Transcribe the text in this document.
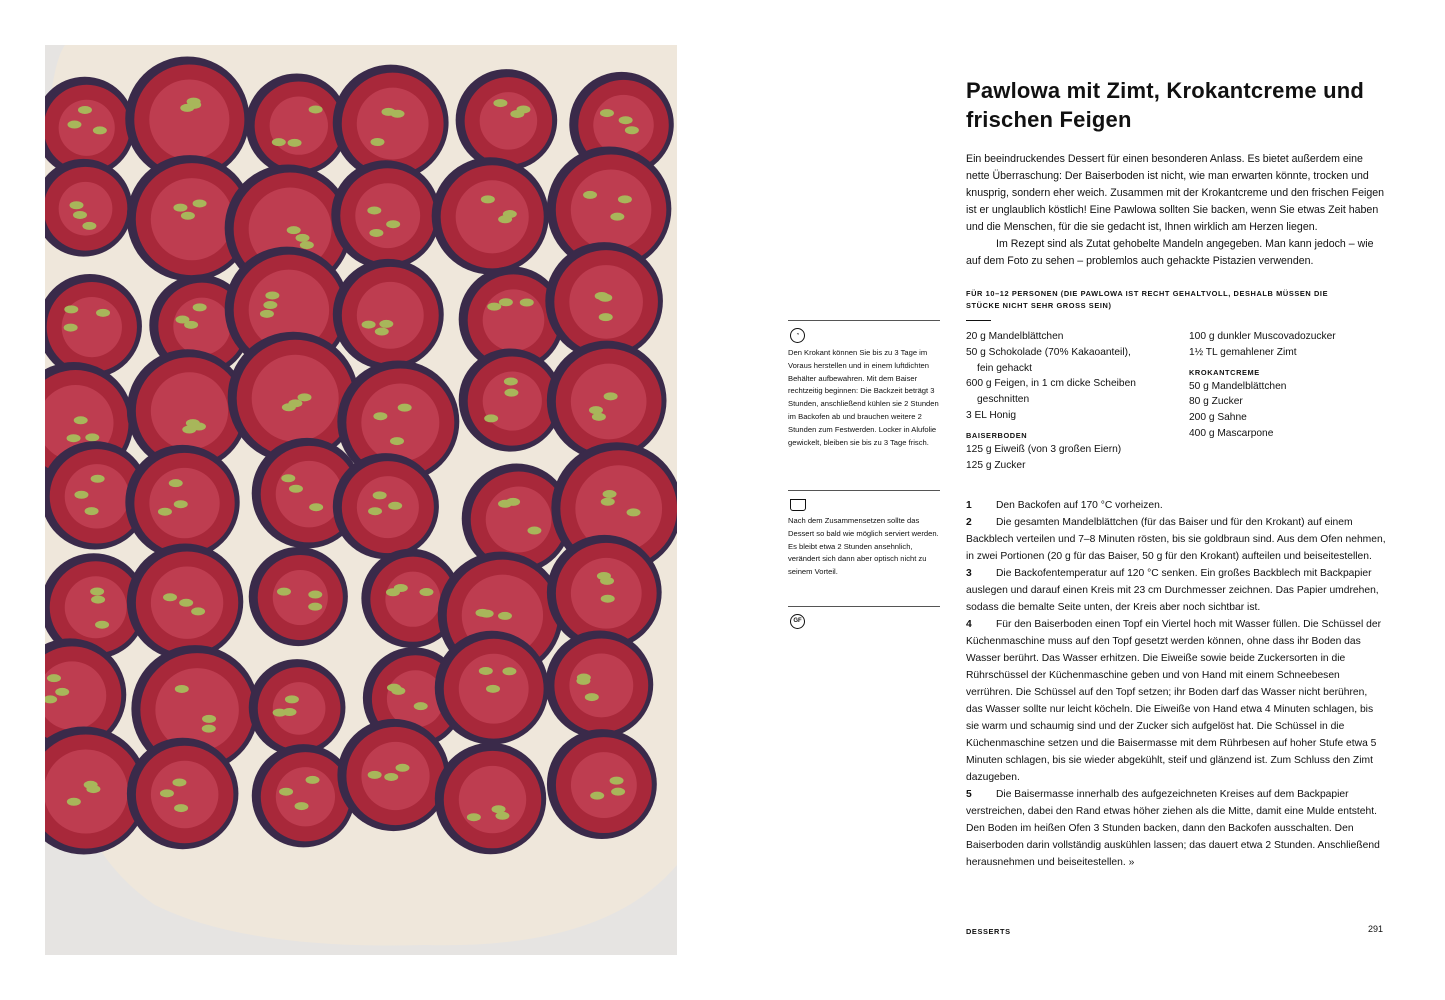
◔
Den Krokant können Sie bis zu 3 Tage im Voraus herstellen und in einem luftdichten Behälter aufbewahren. Mit dem Baiser rechtzeitig beginnen: Die Backzeit beträgt 3 Stunden, anschließend kühlen sie 2 Stunden im Backofen ab und brauchen weitere 2 Stunden zum Festwerden. Locker in Alufolie gewickelt, bleiben sie bis zu 3 Tage frisch.
Nach dem Zusammensetzen sollte das Dessert so bald wie möglich serviert werden. Es bleibt etwa 2 Stunden ansehnlich, verändert sich dann aber optisch nicht zu seinem Vorteil.
GF
Pawlowa mit Zimt, Krokantcreme und frischen Feigen

Ein beeindruckendes Dessert für einen besonderen Anlass. Es bietet außerdem eine nette Überraschung: Der Baiserboden ist nicht, wie man erwarten könnte, trocken und knusprig, sondern eher weich. Zusammen mit der Krokantcreme und den frischen Feigen ist er unglaublich köstlich! Eine Pawlowa sollten Sie backen, wenn Sie etwas Zeit haben und die Menschen, für die sie gedacht ist, Ihnen wirklich am Herzen liegen.

Im Rezept sind als Zutat gehobelte Mandeln angegeben. Man kann jedoch – wie auf dem Foto zu sehen – problemlos auch gehackte Pistazien verwenden.

FÜR 10–12 PERSONEN (DIE PAWLOWA IST RECHT GEHALTVOLL, DESHALB MÜSSEN DIE STÜCKE NICHT SEHR GROSS SEIN)
20 g Mandelblättchen
50 g Schokolade (70% Kakaoanteil),
fein gehackt
600 g Feigen, in 1 cm dicke Scheiben
geschnitten
3 EL Honig
BAISERBODEN
125 g Eiweiß (von 3 großen Eiern)
125 g Zucker
100 g dunkler Muscovadozucker
1½ TL gemahlener Zimt
KROKANTCREME
50 g Mandelblättchen
80 g Zucker
200 g Sahne
400 g Mascarpone

1 Den Backofen auf 170 °C vorheizen.

2 Die gesamten Mandelblättchen (für das Baiser und für den Krokant) auf einem Backblech verteilen und 7–8 Minuten rösten, bis sie goldbraun sind. Aus dem Ofen nehmen, in zwei Portionen (20 g für das Baiser, 50 g für den Krokant) aufteilen und beiseitestellen.

3 Die Backofentemperatur auf 120 °C senken. Ein großes Backblech mit Backpapier auslegen und darauf einen Kreis mit 23 cm Durchmesser zeichnen. Das Papier umdrehen, sodass die bemalte Seite unten, der Kreis aber noch sichtbar ist.

4 Für den Baiserboden einen Topf ein Viertel hoch mit Wasser füllen. Die Schüssel der Küchenmaschine muss auf den Topf gesetzt werden können, ohne dass ihr Boden das Wasser berührt. Das Wasser erhitzen. Die Eiweiße sowie beide Zuckersorten in die Rührschüssel der Küchenmaschine geben und von Hand mit einem Schneebesen verrühren. Die Schüssel auf den Topf setzen; ihr Boden darf das Wasser nicht berühren, das Wasser sollte nur leicht köcheln. Die Eiweiße von Hand etwa 4 Minuten schlagen, bis sie warm und schaumig sind und der Zucker sich aufgelöst hat. Die Schüssel in die Küchenmaschine setzen und die Baisermasse mit dem Rührbesen auf hoher Stufe etwa 5 Minuten schlagen, bis sie wieder abgekühlt, steif und glänzend ist. Zum Schluss den Zimt dazugeben.

5 Die Baisermasse innerhalb des aufgezeichneten Kreises auf dem Backpapier verstreichen, dabei den Rand etwas höher ziehen als die Mitte, damit eine Mulde entsteht. Den Boden im heißen Ofen 3 Stunden backen, dann den Backofen ausschalten. Den Baiserboden darin vollständig auskühlen lassen; das dauert etwa 2 Stunden. Anschließend herausnehmen und beiseitestellen. »

DESSERTS	291
